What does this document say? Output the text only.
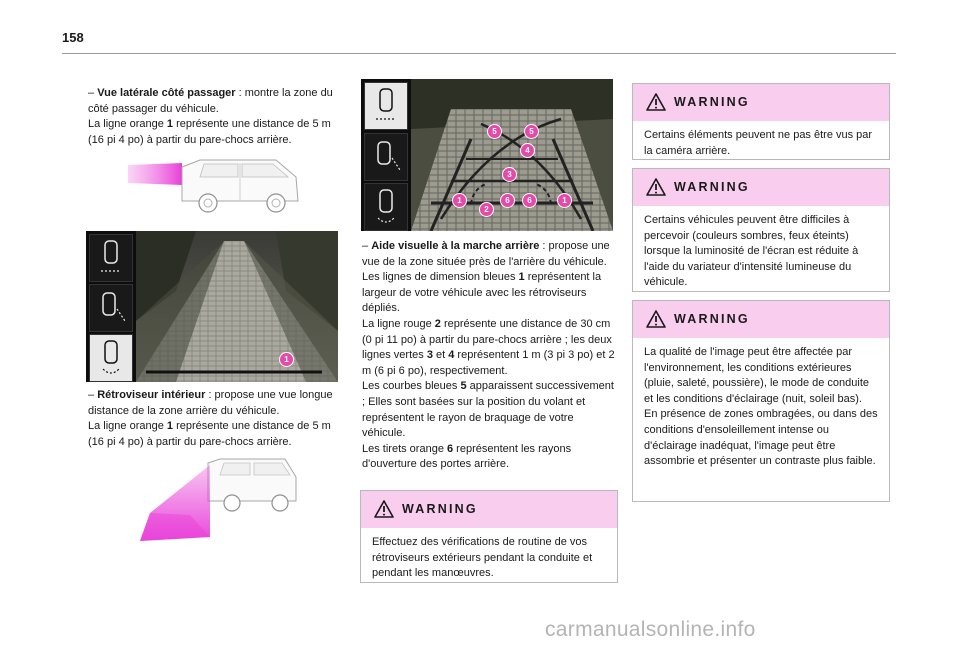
158

– Vue latérale côté passager : montre la zone du côté passager du véhicule.

La ligne orange 1 représente une distance de 5 m (16 pi 4 po) à partir du pare-chocs arrière.

1

– Rétroviseur intérieur : propose une vue longue distance de la zone arrière du véhicule.

La ligne orange 1 représente une distance de 5 m (16 pi 4 po) à partir du pare-chocs arrière.

5	5
4
3
1
2
6	6	1

– Aide visuelle à la marche arrière : propose une vue de la zone située près de l'arrière du véhicule.

Les lignes de dimension bleues 1 représentent la largeur de votre véhicule avec les rétroviseurs dépliés.

La ligne rouge 2 représente une distance de 30 cm (0 pi 11 po) à partir du pare-chocs arrière ; les deux lignes vertes 3 et 4 représentent 1 m (3 pi 3 po) et 2 m (6 pi 6 po), respectivement.

Les courbes bleues 5 apparaissent successivement ; Elles sont basées sur la position du volant et représentent le rayon de braquage de votre véhicule.

Les tirets orange 6 représentent les rayons d'ouverture des portes arrière.

WARNING
Effectuez des vérifications de routine de vos rétroviseurs extérieurs pendant la conduite et pendant les manœuvres.
WARNING
Certains éléments peuvent ne pas être vus par la caméra arrière.
WARNING
Certains véhicules peuvent être difficiles à percevoir (couleurs sombres, feux éteints) lorsque la luminosité de l'écran est réduite à l'aide du variateur d'intensité lumineuse du véhicule.
WARNING
La qualité de l'image peut être affectée par l'environnement, les conditions extérieures (pluie, saleté, poussière), le mode de conduite et les conditions d'éclairage (nuit, soleil bas).
En présence de zones ombragées, ou dans des conditions d'ensoleillement intense ou d'éclairage inadéquat, l'image peut être assombrie et présenter un contraste plus faible.
carmanualsonline.info
